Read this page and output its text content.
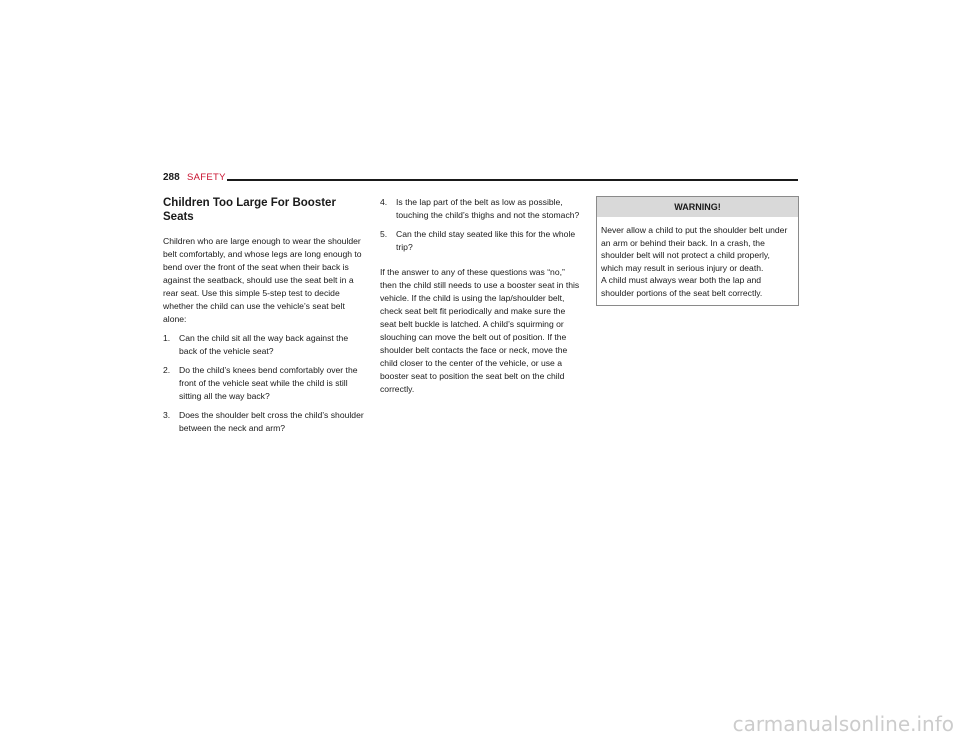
288 SAFETY
Children Too Large For Booster Seats

Children who are large enough to wear the shoulder belt comfortably, and whose legs are long enough to bend over the front of the seat when their back is against the seatback, should use the seat belt in a rear seat. Use this simple 5-step test to decide whether the child can use the vehicle’s seat belt alone:

1. Can the child sit all the way back against the back of the vehicle seat?
2. Do the child’s knees bend comfortably over the front of the vehicle seat while the child is still sitting all the way back?
3. Does the shoulder belt cross the child’s shoulder between the neck and arm?
4. Is the lap part of the belt as low as possible, touching the child’s thighs and not the stomach?
5. Can the child stay seated like this for the whole trip?

If the answer to any of these questions was “no,” then the child still needs to use a booster seat in this vehicle. If the child is using the lap/shoulder belt, check seat belt fit periodically and make sure the seat belt buckle is latched. A child’s squirming or slouching can move the belt out of position. If the shoulder belt contacts the face or neck, move the child closer to the center of the vehicle, or use a booster seat to position the seat belt on the child correctly.

WARNING!

Never allow a child to put the shoulder belt under an arm or behind their back. In a crash, the shoulder belt will not protect a child properly, which may result in serious injury or death.

A child must always wear both the lap and shoulder portions of the seat belt correctly.

carmanualsonline.info
